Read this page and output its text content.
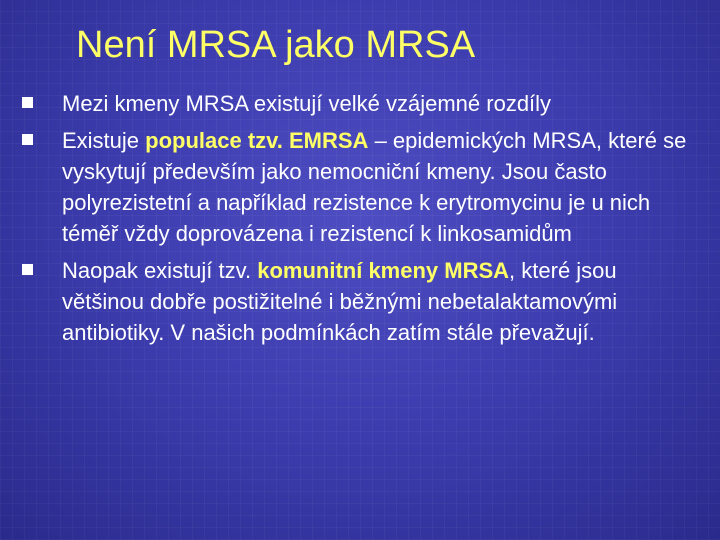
Není MRSA jako MRSA
Mezi kmeny MRSA existují velké vzájemné rozdíly
Existuje populace tzv. EMRSA – epidemických MRSA, které se vyskytují především jako nemocniční kmeny. Jsou často polyrezistetní a například rezistence k erytromycinu je u nich téměř vždy doprovázena i rezistencí k linkosamidům
Naopak existují tzv. komunitní kmeny MRSA, které jsou většinou dobře postižitelné i běžnými nebetalaktamovými antibiotiky. V našich podmínkách zatím stále převažují.
